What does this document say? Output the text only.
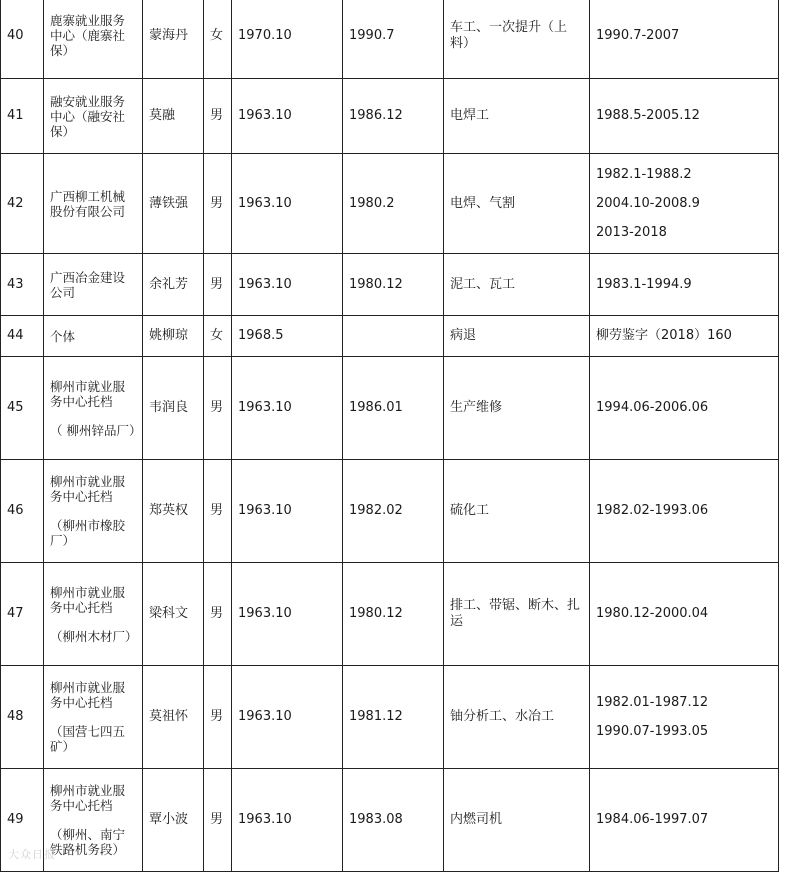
40	鹿寨就业服务中心（鹿寨社保）	蒙海丹	女	1970.10	1990.7	车工、一次提升（上料）	1990.7-2007

41	融安就业服务中心（融安社保）	莫融	男	1963.10	1986.12	电焊工	1988.5-2005.12

42	广西柳工机械股份有限公司	薄铁强	男	1963.10	1980.2	电焊、气割	1982.1-1988.2
2004.10-2008.9
2013-2018

43	广西冶金建设公司	余礼芳	男	1963.10	1980.12	泥工、瓦工	1983.1-1994.9

44	个体	姚柳琼	女	1968.5		病退	柳劳鉴字（2018）160

45	柳州市就业服务中心托档
（ 柳州锌品厂）	韦润良	男	1963.10	1986.01	生产维修	1994.06-2006.06

46	柳州市就业服务中心托档
（柳州市橡胶厂）	郑英权	男	1963.10	1982.02	硫化工	1982.02-1993.06

47	柳州市就业服务中心托档
（柳州木材厂）	梁科文	男	1963.10	1980.12	排工、带锯、断木、扎运	1980.12-2000.04

48	柳州市就业服务中心托档
（国营七四五矿）	莫祖怀	男	1963.10	1981.12	铀分析工、水冶工	1982.01-1987.12
1990.07-1993.05

49	柳州市就业服务中心托档
（柳州、南宁铁路机务段）	覃小波	男	1963.10	1983.08	内燃司机	1984.06-1997.07
大众日报
